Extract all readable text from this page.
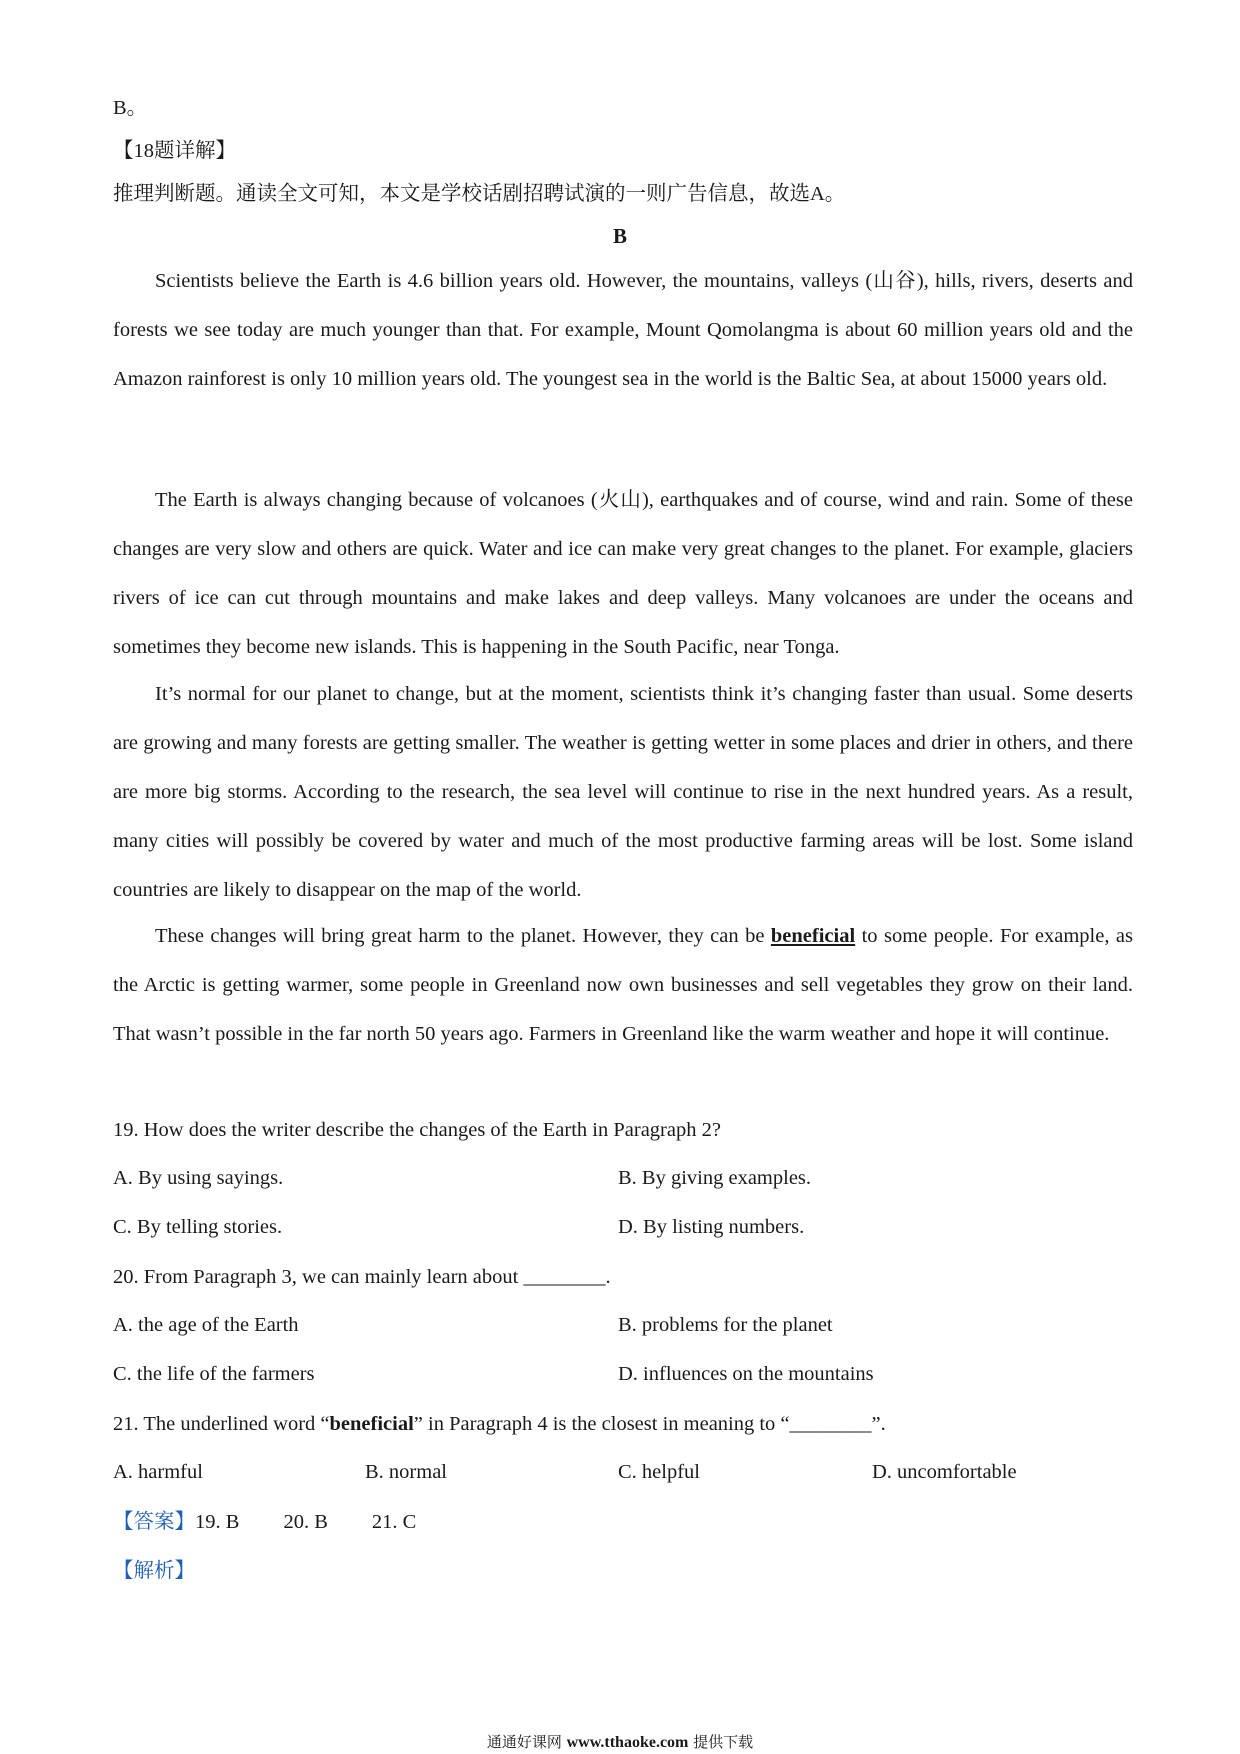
B。
【18题详解】
推理判断题。通读全文可知，本文是学校话剧招聘试演的一则广告信息，故选A。
B
Scientists believe the Earth is 4.6 billion years old. However, the mountains, valleys (山谷), hills, rivers, deserts and forests we see today are much younger than that. For example, Mount Qomolangma is about 60 million years old and the Amazon rainforest is only 10 million years old. The youngest sea in the world is the Baltic Sea, at about 15000 years old.
The Earth is always changing because of volcanoes (火山), earthquakes and of course, wind and rain. Some of these changes are very slow and others are quick. Water and ice can make very great changes to the planet. For example, glaciers rivers of ice can cut through mountains and make lakes and deep valleys. Many volcanoes are under the oceans and sometimes they become new islands. This is happening in the South Pacific, near Tonga.
It’s normal for our planet to change, but at the moment, scientists think it’s changing faster than usual. Some deserts are growing and many forests are getting smaller. The weather is getting wetter in some places and drier in others, and there are more big storms. According to the research, the sea level will continue to rise in the next hundred years. As a result, many cities will possibly be covered by water and much of the most productive farming areas will be lost. Some island countries are likely to disappear on the map of the world.
These changes will bring great harm to the planet. However, they can be beneficial to some people. For example, as the Arctic is getting warmer, some people in Greenland now own businesses and sell vegetables they grow on their land. That wasn’t possible in the far north 50 years ago. Farmers in Greenland like the warm weather and hope it will continue.
19. How does the writer describe the changes of the Earth in Paragraph 2?
A. By using sayings.	B. By giving examples.
C. By telling stories.	D. By listing numbers.
20. From Paragraph 3, we can mainly learn about ________.
A. the age of the Earth	B. problems for the planet
C. the life of the farmers	D. influences on the mountains
21. The underlined word “beneficial” in Paragraph 4 is the closest in meaning to “________”.
A. harmful	B. normal	C. helpful	D. uncomfortable
【答案】19. B 20. B 21. C
【解析】
通通好课网 www.tthaoke.com 提供下载
